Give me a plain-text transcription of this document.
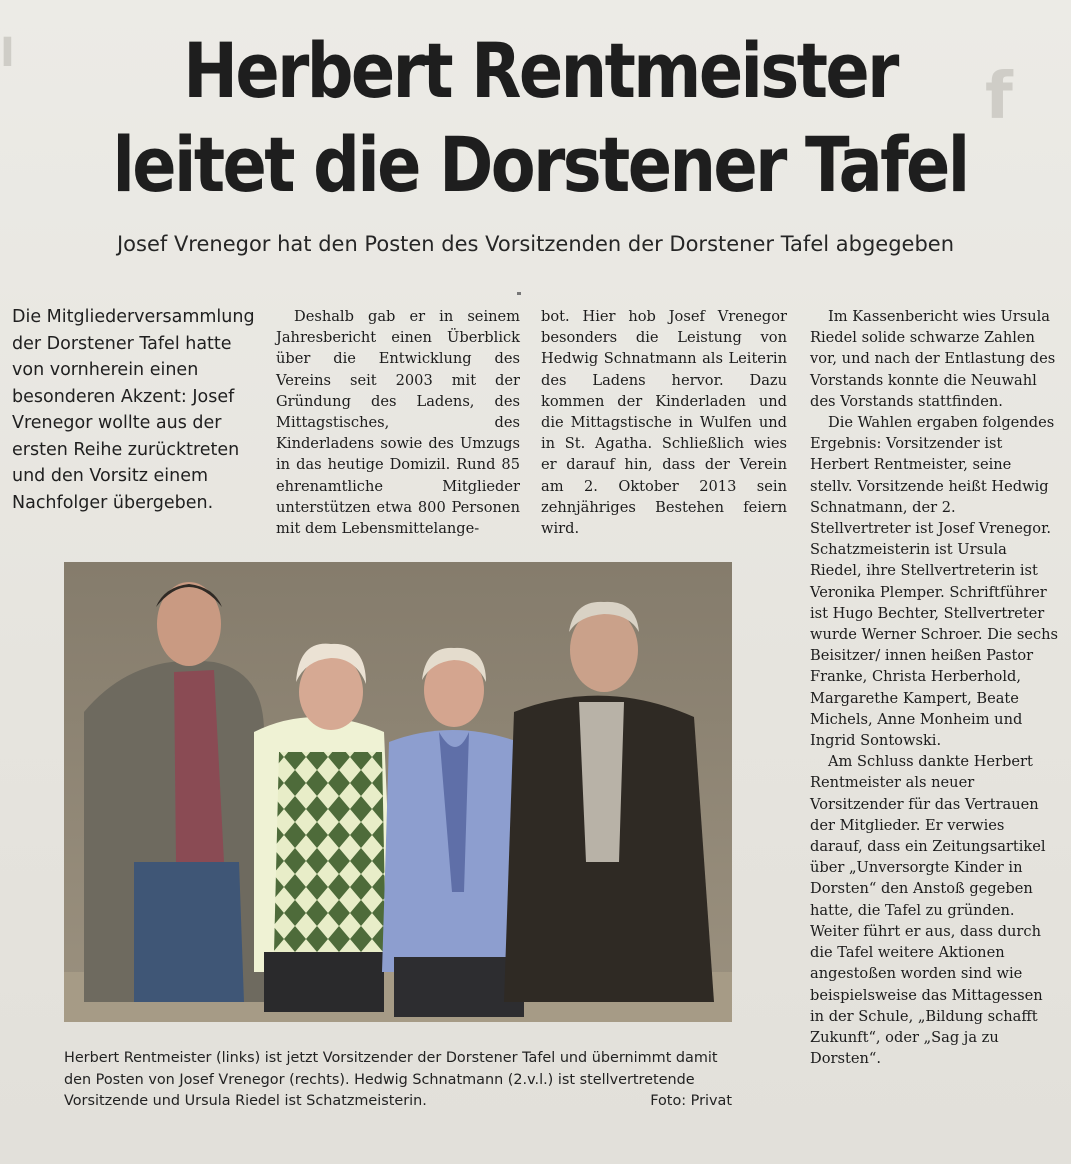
I
f
Herbert Rentmeister
leitet die Dorstener Tafel

Josef Vrenegor hat den Posten des Vorsitzenden der Dorstener Tafel abgegeben

Die Mitgliederversammlung der Dorstener Tafel hatte von vornherein einen besonderen Akzent: Josef Vrenegor wollte aus der ersten Reihe zurücktreten und den Vorsitz einem Nachfolger übergeben.

Deshalb gab er in seinem Jahresbericht einen Überblick über die Entwicklung des Vereins seit 2003 mit der Gründung des Ladens, des Mittagstisches, des Kinderladens sowie des Umzugs in das heutige Domizil. Rund 85 ehrenamtliche Mitglieder unterstützen etwa 800 Personen mit dem Lebensmittelange-

bot. Hier hob Josef Vrenegor besonders die Leistung von Hedwig Schnatmann als Leiterin des Ladens hervor. Dazu kommen der Kinderladen und die Mittagstische in Wulfen und in St. Agatha. Schließlich wies er darauf hin, dass der Verein am 2. Oktober 2013 sein zehnjähriges Bestehen feiern wird.

Im Kassenbericht wies Ursula Riedel solide schwarze Zahlen vor, und nach der Entlastung des Vorstands konnte die Neuwahl des Vorstands stattfinden.

Die Wahlen ergaben folgendes Ergebnis: Vorsitzender ist Herbert Rentmeister, seine stellv. Vorsitzende heißt Hedwig Schnatmann, der 2. Stellvertreter ist Josef Vrenegor. Schatzmeisterin ist Ursula Riedel, ihre Stellvertreterin ist Veronika Plemper. Schriftführer ist Hugo Bechter, Stellvertreter wurde Werner Schroer. Die sechs Beisitzer/ innen heißen Pastor Franke, Christa Herberhold, Margarethe Kampert, Beate Michels, Anne Monheim und Ingrid Sontowski.

Am Schluss dankte Herbert Rentmeister als neuer Vorsitzender für das Vertrauen der Mitglieder. Er verwies darauf, dass ein Zeitungsartikel über „Unversorgte Kinder in Dorsten“ den Anstoß gegeben hatte, die Tafel zu gründen. Weiter führt er aus, dass durch die Tafel weitere Aktionen angestoßen worden sind wie beispielsweise das Mittagessen in der Schule, „Bildung schafft Zukunft“, oder „Sag ja zu Dorsten“.

Herbert Rentmeister (links) ist jetzt Vorsitzender der Dorstener Tafel und übernimmt damit den Posten von Josef Vrenegor (rechts). Hedwig Schnatmann (2.v.l.) ist stellvertretende Vorsitzende und Ursula Riedel ist Schatzmeisterin.	Foto: Privat
